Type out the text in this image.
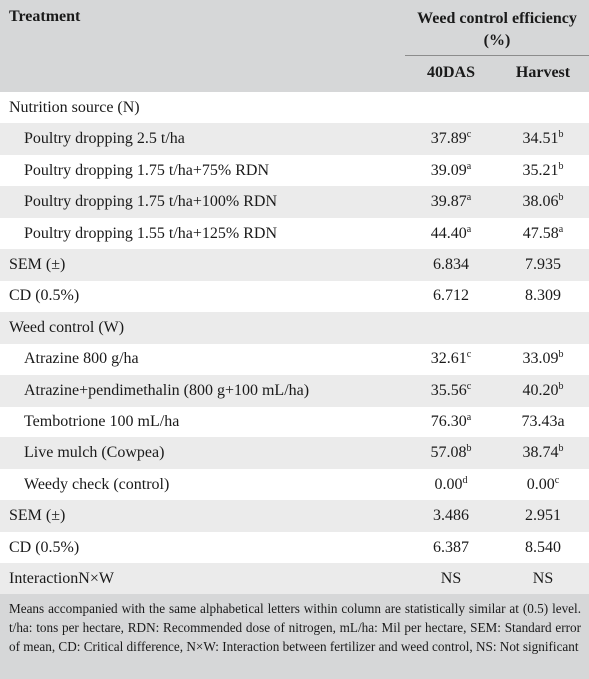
Treatment	Weed control efficiency (%)
40DAS	Harvest
Nutrition source (N)
Poultry dropping 2.5 t/ha	37.89$^c$	34.51$^b$
Poultry dropping 1.75 t/ha+75% RDN	39.09$^a$	35.21$^b$
Poultry dropping 1.75 t/ha+100% RDN	39.87$^a$	38.06$^b$
Poultry dropping 1.55 t/ha+125% RDN	44.40$^a$	47.58$^a$
SEM (±)	6.834	7.935
CD (0.5%)	6.712	8.309
Weed control (W)
Atrazine 800 g/ha	32.61$^c$	33.09$^b$
Atrazine+pendimethalin (800 g+100 mL/ha)	35.56$^c$	40.20$^b$
Tembotrione 100 mL/ha	76.30$^a$	73.43a
Live mulch (Cowpea)	57.08$^b$	38.74$^b$
Weedy check (control)	0.00$^d$	0.00$^c$
SEM (±)	3.486	2.951
CD (0.5%)	6.387	8.540
InteractionN×W	NS	NS

Means accompanied with the same alphabetical letters within column are statistically similar at (0.5) level. t/ha: tons per hectare, RDN: Recommended dose of nitrogen, mL/ha: Mil per hectare, SEM: Standard error of mean, CD: Critical difference, N×W: Interaction between fertilizer and weed control, NS: Not significant
